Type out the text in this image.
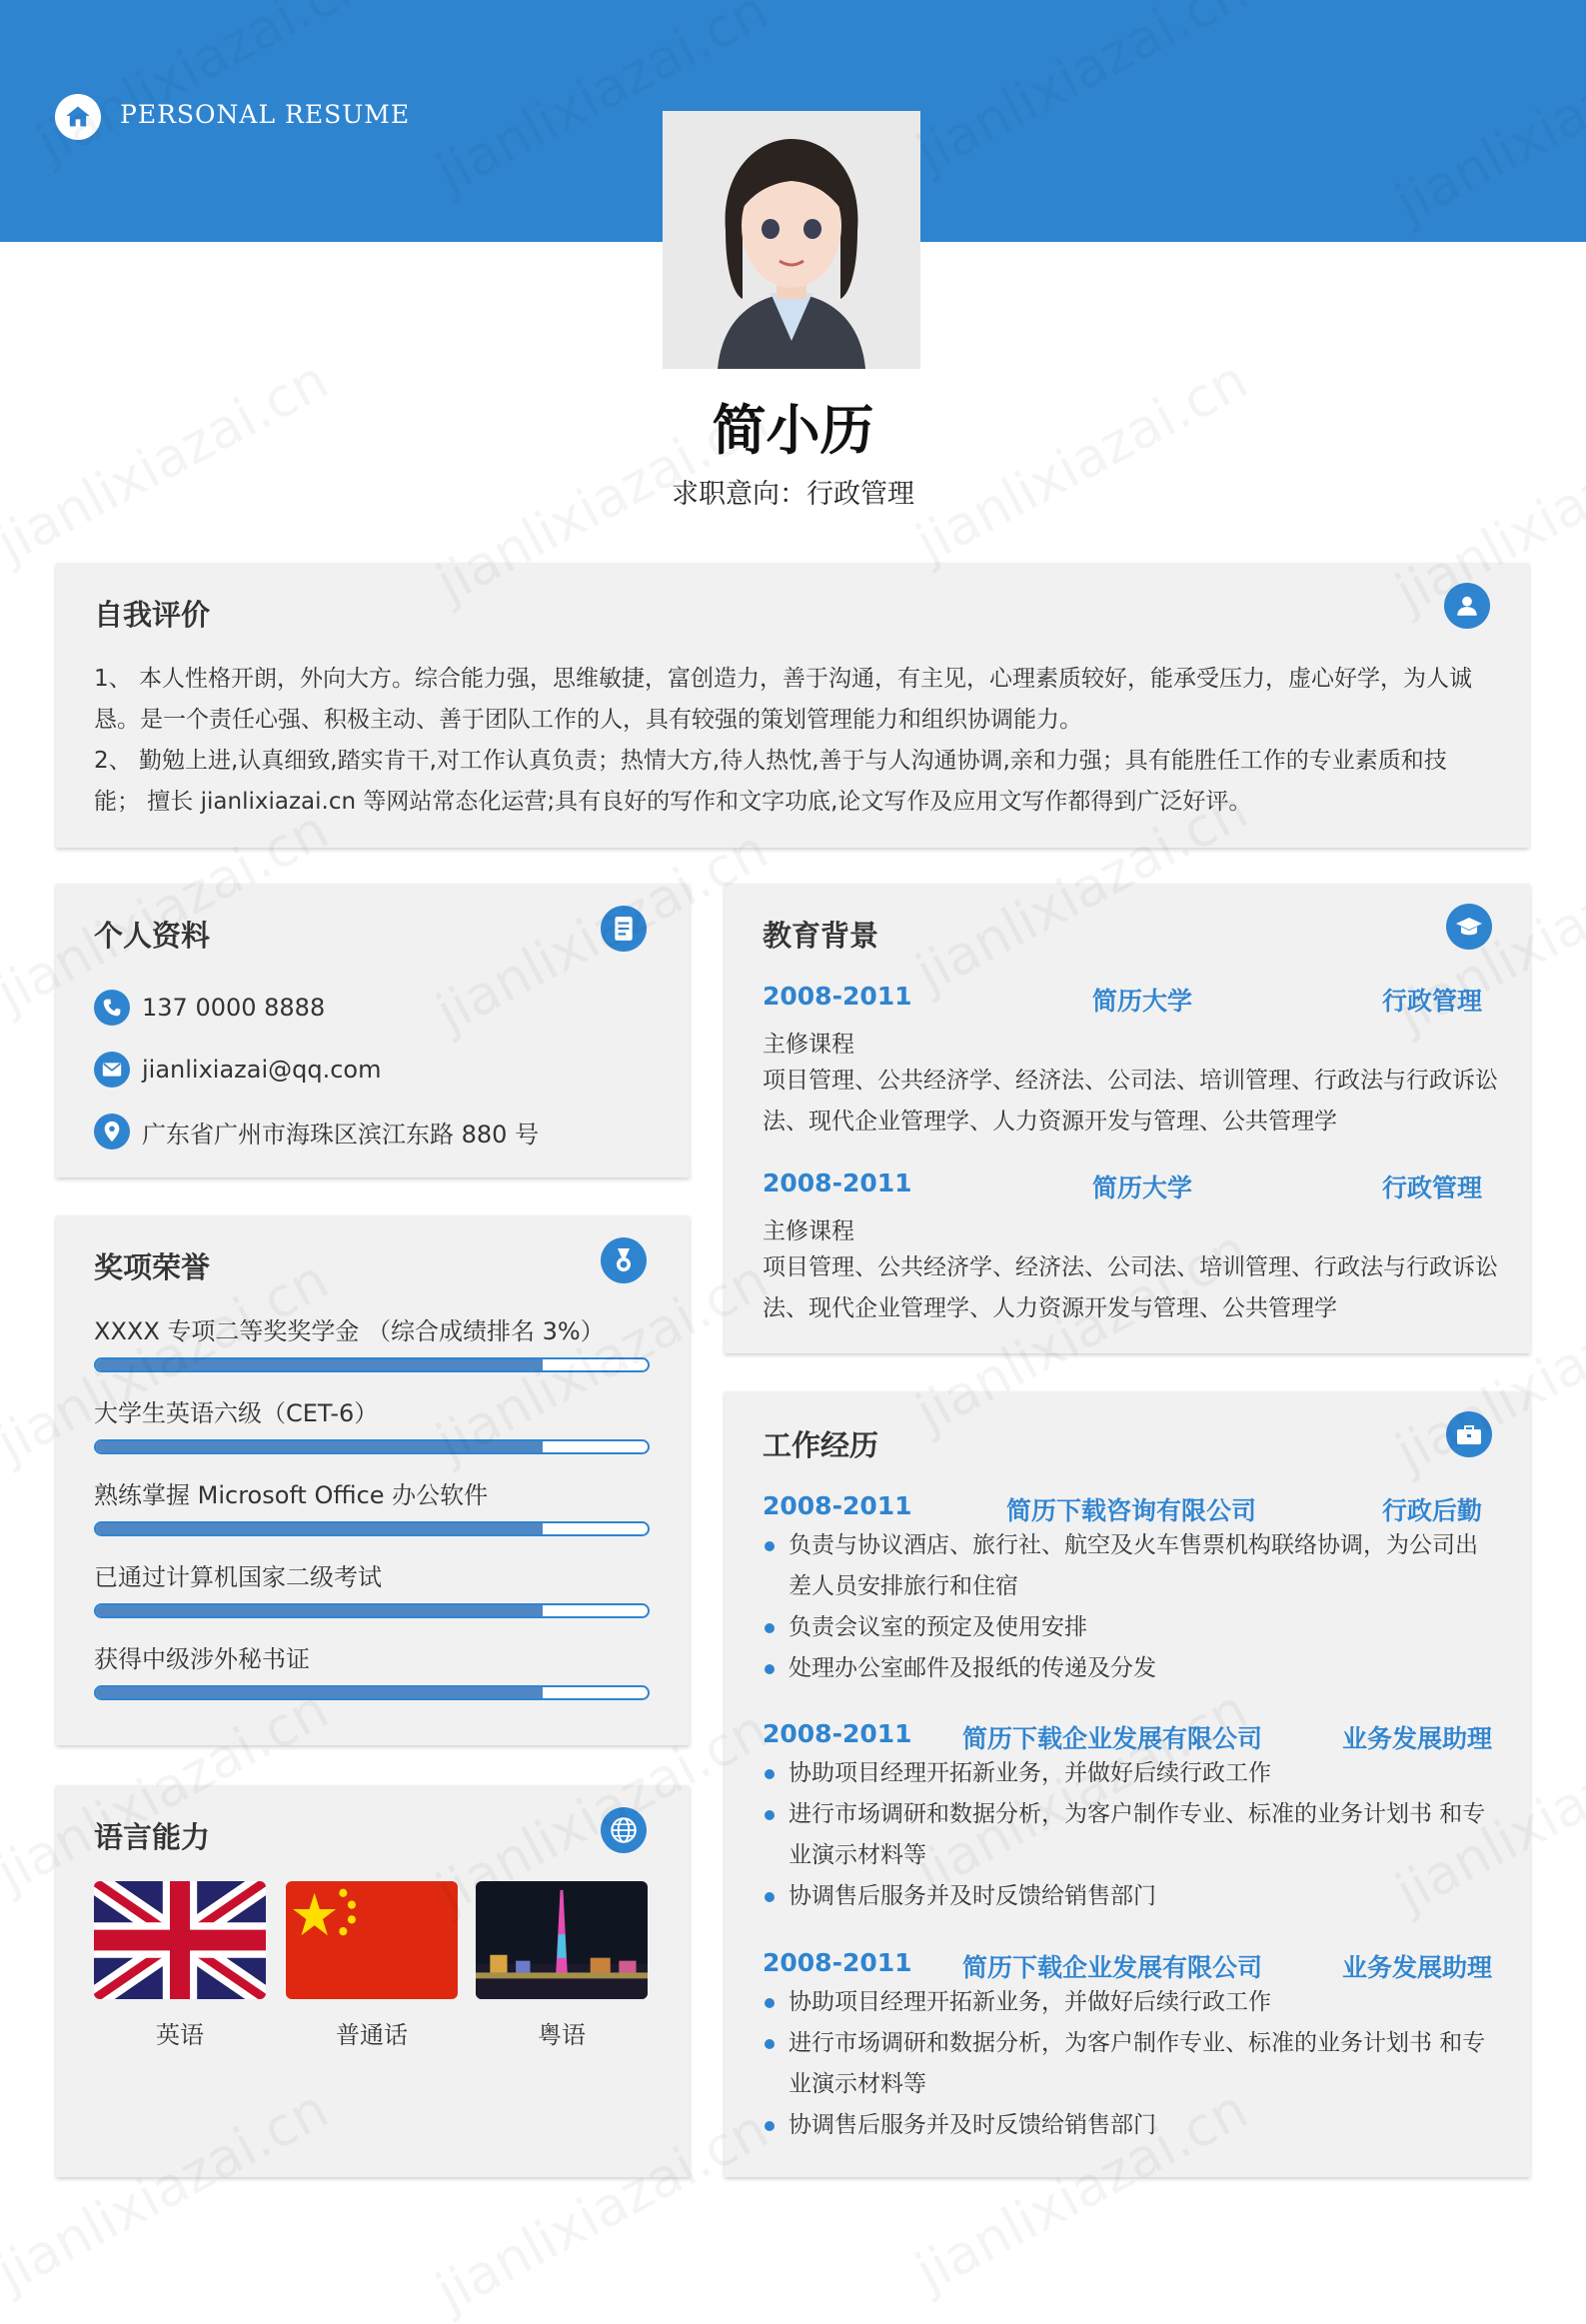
PERSONAL RESUME
简小历
求职意向：行政管理
自我评价

1、 本人性格开朗，外向大方。综合能力强，思维敏捷，富创造力，善于沟通，有主见，心理素质较好，能承受压力，虚心好学，为人诚恳。是一个责任心强、积极主动、善于团队工作的人，具有较强的策划管理能力和组织协调能力。

2、 勤勉上进,认真细致,踏实肯干,对工作认真负责；热情大方,待人热忱,善于与人沟通协调,亲和力强；具有能胜任工作的专业素质和技能； 擅长 jianlixiazai.cn 等网站常态化运营;具有良好的写作和文字功底,论文写作及应用文写作都得到广泛好评。

个人资料
137 0000 8888
jianlixiazai@qq.com
广东省广州市海珠区滨江东路 880 号
奖项荣誉
XXXX 专项二等奖奖学金 （综合成绩排名 3%）
大学生英语六级（CET-6）
熟练掌握 Microsoft Office 办公软件
已通过计算机国家二级考试
获得中级涉外秘书证
语言能力
英语	普通话	粤语
教育背景
2008-2011	简历大学	行政管理
主修课程
项目管理、公共经济学、经济法、公司法、培训管理、行政法与行政诉讼法、现代企业管理学、人力资源开发与管理、公共管理学
2008-2011	简历大学	行政管理
主修课程
项目管理、公共经济学、经济法、公司法、培训管理、行政法与行政诉讼法、现代企业管理学、人力资源开发与管理、公共管理学
工作经历
2008-2011	简历下载咨询有限公司	行政后勤
负责与协议酒店、旅行社、航空及火车售票机构联络协调，为公司出差人员安排旅行和住宿
负责会议室的预定及使用安排
处理办公室邮件及报纸的传递及分发
2008-2011 简历下载企业发展有限公司	业务发展助理
协助项目经理开拓新业务，并做好后续行政工作
进行市场调研和数据分析，为客户制作专业、标准的业务计划书 和专业演示材料等
协调售后服务并及时反馈给销售部门
2008-2011 简历下载企业发展有限公司	业务发展助理
协助项目经理开拓新业务，并做好后续行政工作
进行市场调研和数据分析，为客户制作专业、标准的业务计划书 和专业演示材料等
协调售后服务并及时反馈给销售部门
